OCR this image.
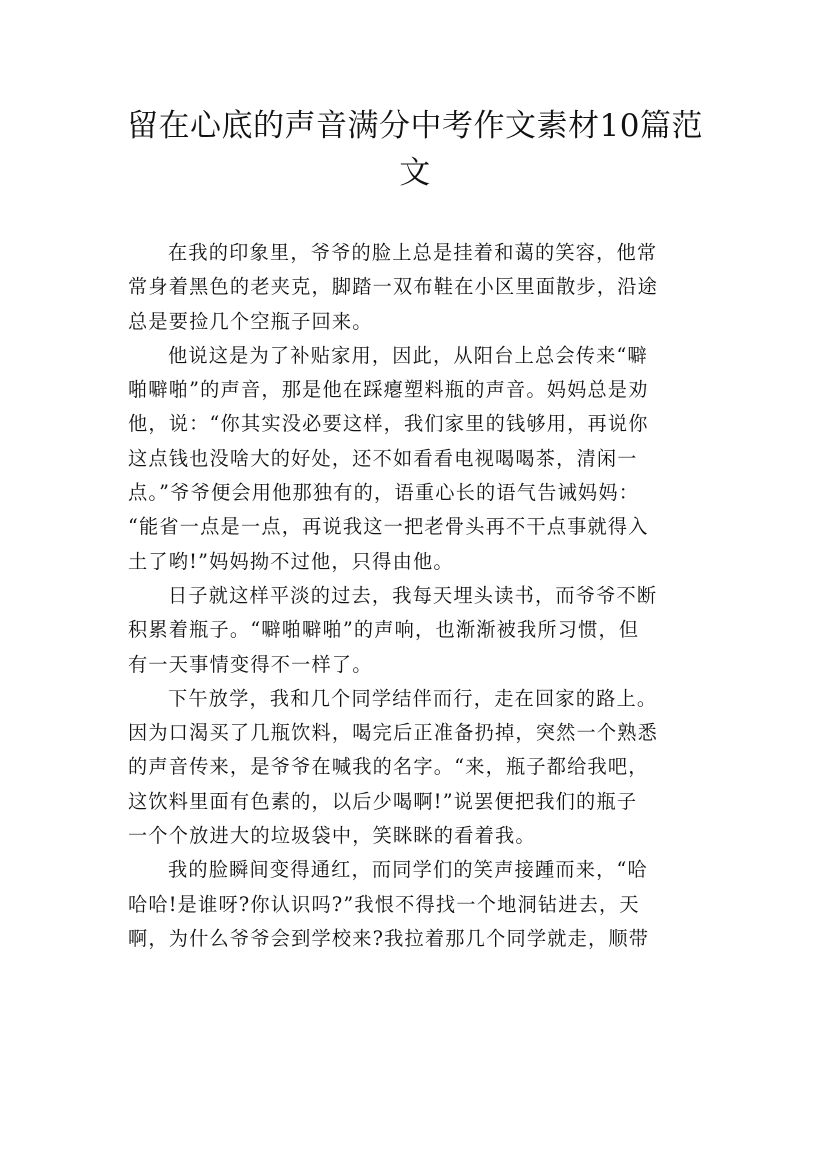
留在心底的声音满分中考作文素材10篇范
文
在我的印象里，爷爷的脸上总是挂着和蔼的笑容，他常
常身着黑色的老夹克，脚踏一双布鞋在小区里面散步，沿途
总是要捡几个空瓶子回来。
他说这是为了补贴家用，因此，从阳台上总会传来“噼
啪噼啪”的声音，那是他在踩瘪塑料瓶的声音。妈妈总是劝
他，说：“你其实没必要这样，我们家里的钱够用，再说你
这点钱也没啥大的好处，还不如看看电视喝喝茶，清闲一
点。”爷爷便会用他那独有的，语重心长的语气告诫妈妈：
“能省一点是一点，再说我这一把老骨头再不干点事就得入
土了哟!”妈妈拗不过他，只得由他。
日子就这样平淡的过去，我每天埋头读书，而爷爷不断
积累着瓶子。“噼啪噼啪”的声响，也渐渐被我所习惯，但
有一天事情变得不一样了。
下午放学，我和几个同学结伴而行，走在回家的路上。
因为口渴买了几瓶饮料，喝完后正准备扔掉，突然一个熟悉
的声音传来，是爷爷在喊我的名字。“来，瓶子都给我吧，
这饮料里面有色素的，以后少喝啊!”说罢便把我们的瓶子
一个个放进大的垃圾袋中，笑眯眯的看着我。
我的脸瞬间变得通红，而同学们的笑声接踵而来，“哈
哈哈!是谁呀?你认识吗?”我恨不得找一个地洞钻进去，天
啊，为什么爷爷会到学校来?我拉着那几个同学就走，顺带
